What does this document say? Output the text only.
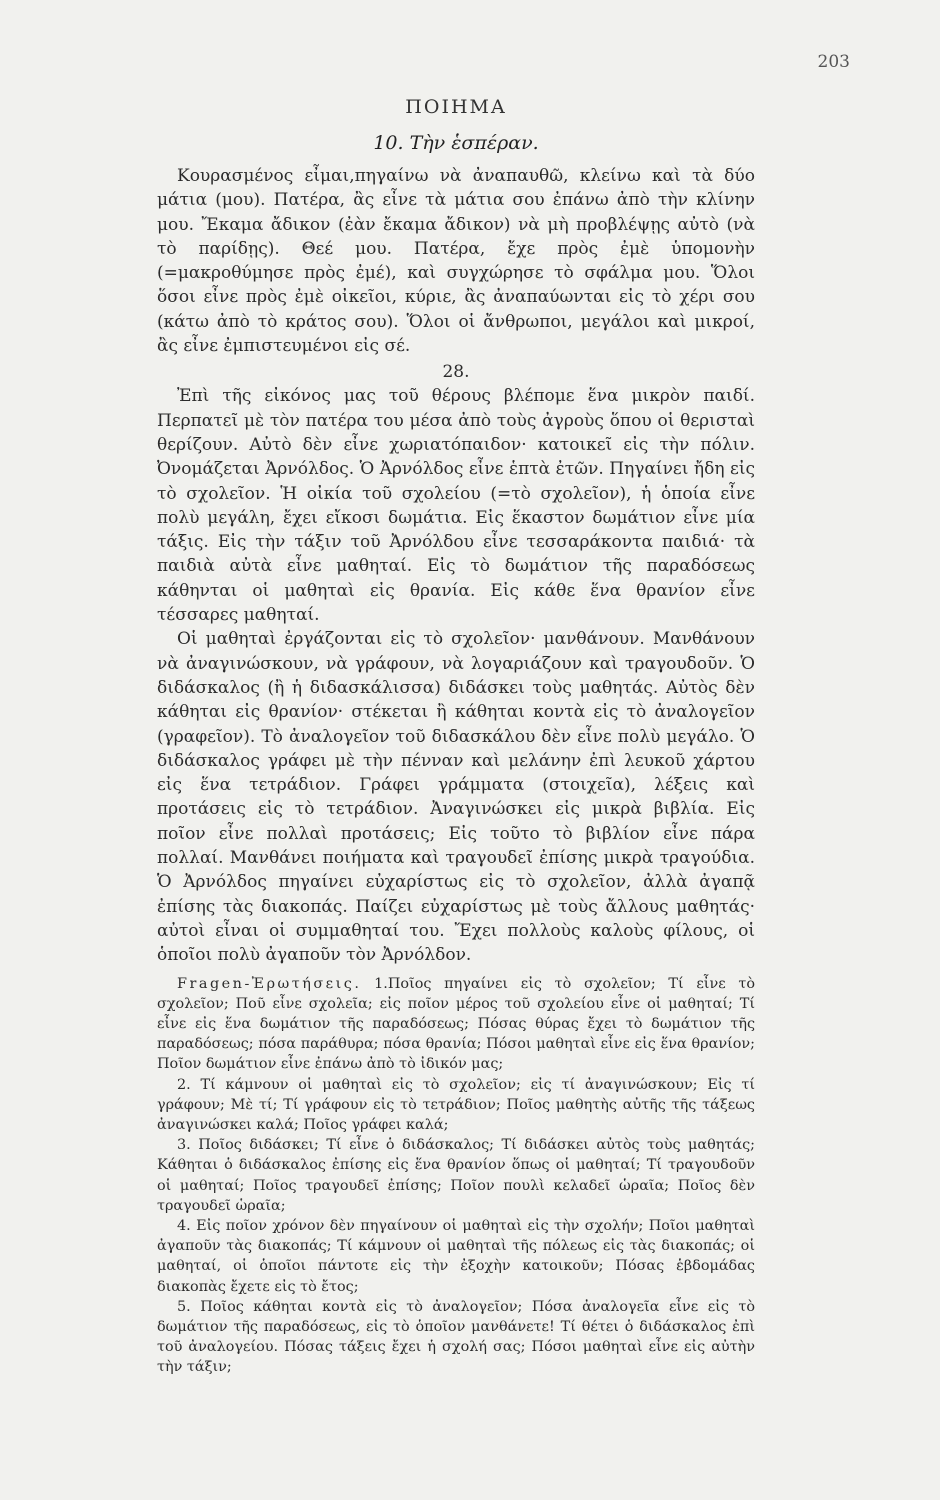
203
ΠΟΙΗΜΑ
10. Τὴν ἑσπέραν.

Κουρασμένος εἶμαι,πηγαίνω νὰ ἀναπαυθῶ, κλείνω καὶ τὰ δύο μάτια (μου). Πατέρα, ἂς εἶνε τὰ μάτια σου ἐπάνω ἀπὸ τὴν κλίνην μου. Ἔκαμα ἄδικον (ἐὰν ἔκαμα ἄδικον) νὰ μὴ προβλέψῃς αὐτὸ (νὰ τὸ παρίδῃς). Θεέ μου. Πατέρα, ἔχε πρὸς ἐμὲ ὑπομονὴν (=μακροθύμησε πρὸς ἐμέ), καὶ συγχώρησε τὸ σφάλμα μου. Ὅλοι ὅσοι εἶνε πρὸς ἐμὲ οἰκεῖοι, κύριε, ἂς ἀναπαύωνται εἰς τὸ χέρι σου (κάτω ἀπὸ τὸ κράτος σου). Ὅλοι οἱ ἄνθρωποι, μεγάλοι καὶ μικροί, ἂς εἶνε ἐμπιστευμένοι εἰς σέ.

28.

Ἐπὶ τῆς εἰκόνος μας τοῦ θέρους βλέπομε ἕνα μικρὸν παιδί. Περπατεῖ μὲ τὸν πατέρα του μέσα ἀπὸ τοὺς ἀγροὺς ὅπου οἱ θερισταὶ θερίζουν. Αὐτὸ δὲν εἶνε χωριατόπαιδον· κατοικεῖ εἰς τὴν πόλιν. Ὀνομάζεται Ἀρνόλδος. Ὁ Ἀρνόλδος εἶνε ἑπτὰ ἐτῶν. Πηγαίνει ἤδη εἰς τὸ σχολεῖον. Ἡ οἰκία τοῦ σχολείου (=τὸ σχολεῖον), ἡ ὁποία εἶνε πολὺ μεγάλη, ἔχει εἴκοσι δωμάτια. Εἰς ἕκαστον δωμάτιον εἶνε μία τάξις. Εἰς τὴν τάξιν τοῦ Ἀρνόλδου εἶνε τεσσαράκοντα παιδιά· τὰ παιδιὰ αὐτὰ εἶνε μαθηταί. Εἰς τὸ δωμάτιον τῆς παραδόσεως κάθηνται οἱ μαθηταὶ εἰς θρανία. Εἰς κάθε ἕνα θρανίον εἶνε τέσσαρες μαθηταί.

Οἱ μαθηταὶ ἐργάζονται εἰς τὸ σχολεῖον· μανθάνουν. Μανθάνουν νὰ ἀναγινώσκουν, νὰ γράφουν, νὰ λογαριάζουν καὶ τραγουδοῦν. Ὁ διδάσκαλος (ἢ ἡ διδασκάλισσα) διδάσκει τοὺς μαθητάς. Αὐτὸς δὲν κάθηται εἰς θρανίον· στέκεται ἢ κάθηται κοντὰ εἰς τὸ ἀναλογεῖον (γραφεῖον). Τὸ ἀναλογεῖον τοῦ διδασκάλου δὲν εἶνε πολὺ μεγάλο. Ὁ διδάσκαλος γράφει μὲ τὴν πένναν καὶ μελάνην ἐπὶ λευκοῦ χάρτου εἰς ἕνα τετράδιον. Γράφει γράμματα (στοιχεῖα), λέξεις καὶ προτάσεις εἰς τὸ τετράδιον. Ἀναγινώσκει εἰς μικρὰ βιβλία. Εἰς ποῖον εἶνε πολλαὶ προτάσεις; Εἰς τοῦτο τὸ βιβλίον εἶνε πάρα πολλαί. Μανθάνει ποιήματα καὶ τραγουδεῖ ἐπίσης μικρὰ τραγούδια. Ὁ Ἀρνόλδος πηγαίνει εὐχαρίστως εἰς τὸ σχολεῖον, ἀλλὰ ἀγαπᾷ ἐπίσης τὰς διακοπάς. Παίζει εὐχαρίστως μὲ τοὺς ἄλλους μαθητάς· αὐτοὶ εἶναι οἱ συμμαθηταί του. Ἔχει πολλοὺς καλοὺς φίλους, οἱ ὁποῖοι πολὺ ἀγαποῦν τὸν Ἀρνόλδον.

Fragen-Ἐρωτήσεις. 1.Ποῖος πηγαίνει εἰς τὸ σχολεῖον; Τί εἶνε τὸ σχολεῖον; Ποῦ εἶνε σχολεῖα; εἰς ποῖον μέρος τοῦ σχολείου εἶνε οἱ μαθηταί; Τί εἶνε εἰς ἕνα δωμάτιον τῆς παραδόσεως; Πόσας θύρας ἔχει τὸ δωμάτιον τῆς παραδόσεως; πόσα παράθυρα; πόσα θρανία; Πόσοι μαθηταὶ εἶνε εἰς ἕνα θρανίον; Ποῖον δωμάτιον εἶνε ἐπάνω ἀπὸ τὸ ἰδικόν μας;

2. Τί κάμνουν οἱ μαθηταὶ εἰς τὸ σχολεῖον; εἰς τί ἀναγινώσκουν; Εἰς τί γράφουν; Μὲ τί; Τί γράφουν εἰς τὸ τετράδιον; Ποῖος μαθητὴς αὐτῆς τῆς τάξεως ἀναγινώσκει καλά; Ποῖος γράφει καλά;

3. Ποῖος διδάσκει; Τί εἶνε ὁ διδάσκαλος; Τί διδάσκει αὐτὸς τοὺς μαθητάς; Κάθηται ὁ διδάσκαλος ἐπίσης εἰς ἕνα θρανίον ὅπως οἱ μαθηταί; Τί τραγουδοῦν οἱ μαθηταί; Ποῖος τραγουδεῖ ἐπίσης; Ποῖον πουλὶ κελαδεῖ ὡραῖα; Ποῖος δὲν τραγουδεῖ ὡραῖα;

4. Εἰς ποῖον χρόνον δὲν πηγαίνουν οἱ μαθηταὶ εἰς τὴν σχολήν; Ποῖοι μαθηταὶ ἀγαποῦν τὰς διακοπάς; Τί κάμνουν οἱ μαθηταὶ τῆς πόλεως εἰς τὰς διακοπάς; οἱ μαθηταί, οἱ ὁποῖοι πάντοτε εἰς τὴν ἐξοχὴν κατοικοῦν; Πόσας ἑβδομάδας διακοπὰς ἔχετε εἰς τὸ ἔτος;

5. Ποῖος κάθηται κοντὰ εἰς τὸ ἀναλογεῖον; Πόσα ἀναλογεῖα εἶνε εἰς τὸ δωμάτιον τῆς παραδόσεως, εἰς τὸ ὁποῖον μανθάνετε! Τί θέτει ὁ διδάσκαλος ἐπὶ τοῦ ἀναλογείου. Πόσας τάξεις ἔχει ἡ σχολή σας; Πόσοι μαθηταὶ εἶνε εἰς αὐτὴν τὴν τάξιν;
